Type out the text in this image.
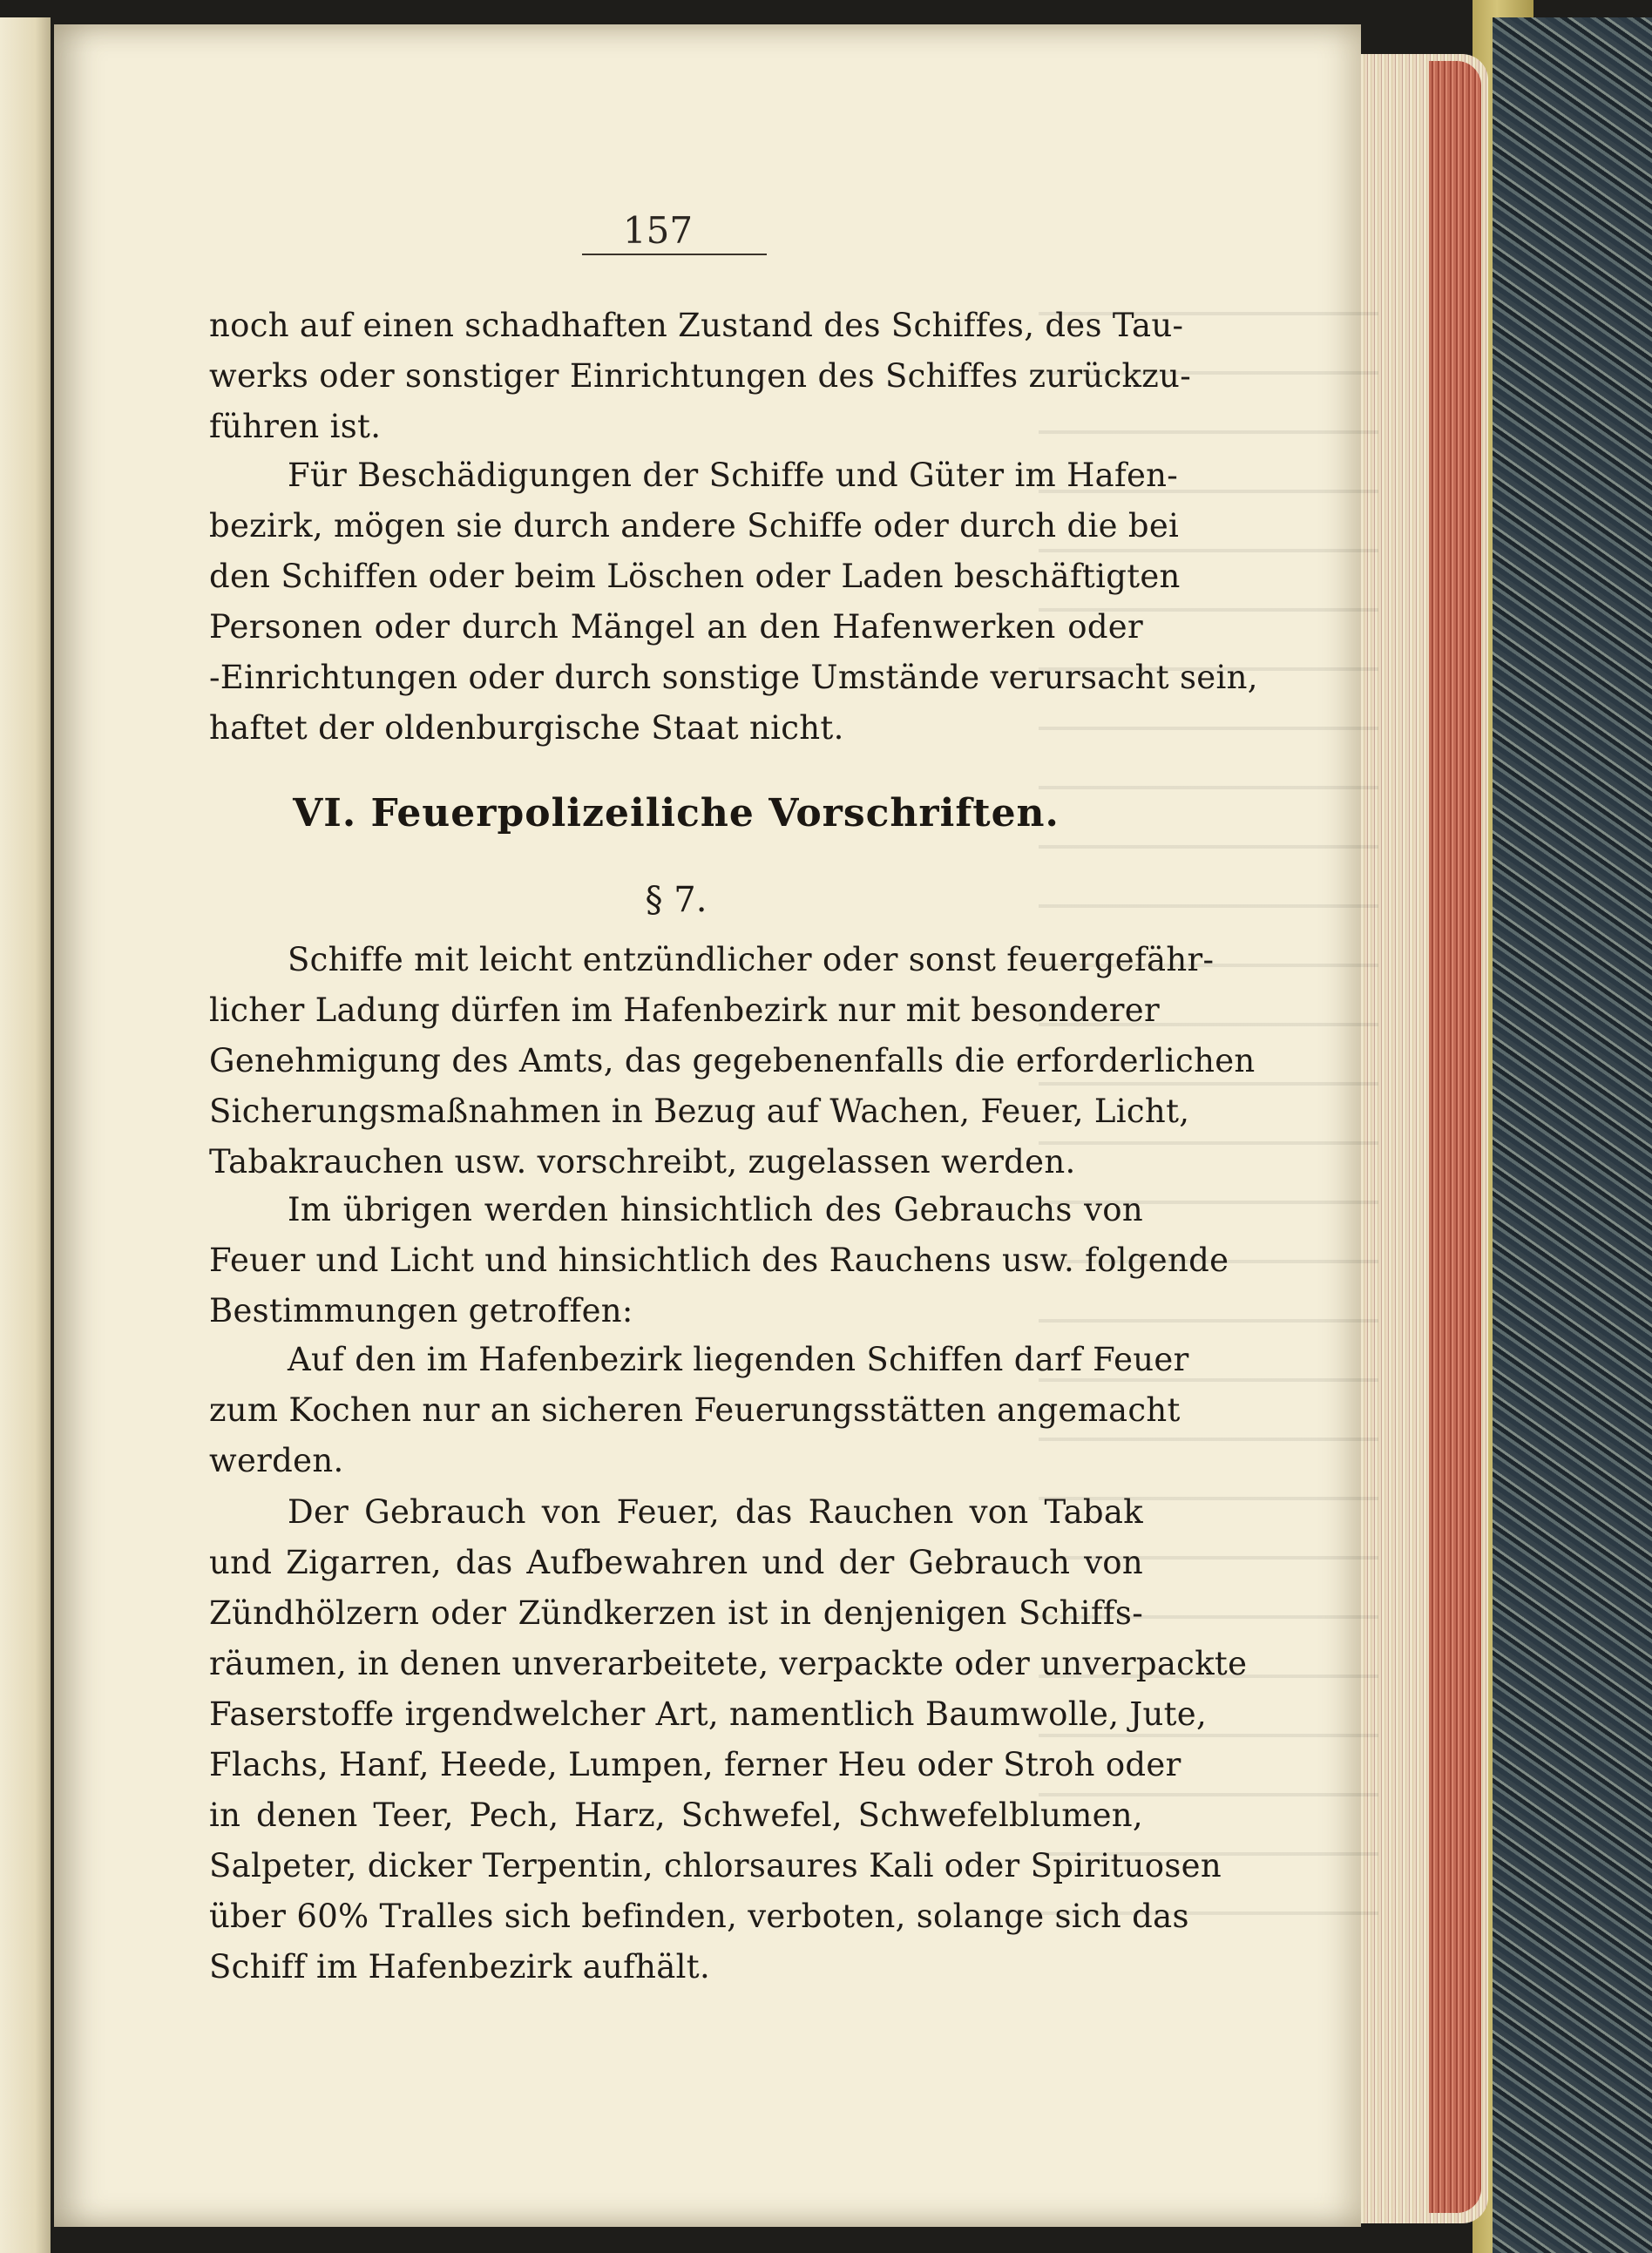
157
noch auf einen schadhaften Zustand des Schiffes, des Tau-
werks oder sonstiger Einrichtungen des Schiffes zurückzu-
führen ist.
Für Beschädigungen der Schiffe und Güter im Hafen-
bezirk, mögen sie durch andere Schiffe oder durch die bei
den Schiffen oder beim Löschen oder Laden beschäftigten
Personen oder durch Mängel an den Hafenwerken oder
-Einrichtungen oder durch sonstige Umstände verursacht sein,
haftet der oldenburgische Staat nicht.
VI. Feuerpolizeiliche Vorschriften.
§ 7.
Schiffe mit leicht entzündlicher oder sonst feuergefähr-
licher Ladung dürfen im Hafenbezirk nur mit besonderer
Genehmigung des Amts, das gegebenenfalls die erforderlichen
Sicherungsmaßnahmen in Bezug auf Wachen, Feuer, Licht,
Tabakrauchen usw. vorschreibt, zugelassen werden.
Im übrigen werden hinsichtlich des Gebrauchs von
Feuer und Licht und hinsichtlich des Rauchens usw. folgende
Bestimmungen getroffen:
Auf den im Hafenbezirk liegenden Schiffen darf Feuer
zum Kochen nur an sicheren Feuerungsstätten angemacht
werden.
Der Gebrauch von Feuer, das Rauchen von Tabak
und Zigarren, das Aufbewahren und der Gebrauch von
Zündhölzern oder Zündkerzen ist in denjenigen Schiffs-
räumen, in denen unverarbeitete, verpackte oder unverpackte
Faserstoffe irgendwelcher Art, namentlich Baumwolle, Jute,
Flachs, Hanf, Heede, Lumpen, ferner Heu oder Stroh oder
in denen Teer, Pech, Harz, Schwefel, Schwefelblumen,
Salpeter, dicker Terpentin, chlorsaures Kali oder Spirituosen
über 60% Tralles sich befinden, verboten, solange sich das
Schiff im Hafenbezirk aufhält.
